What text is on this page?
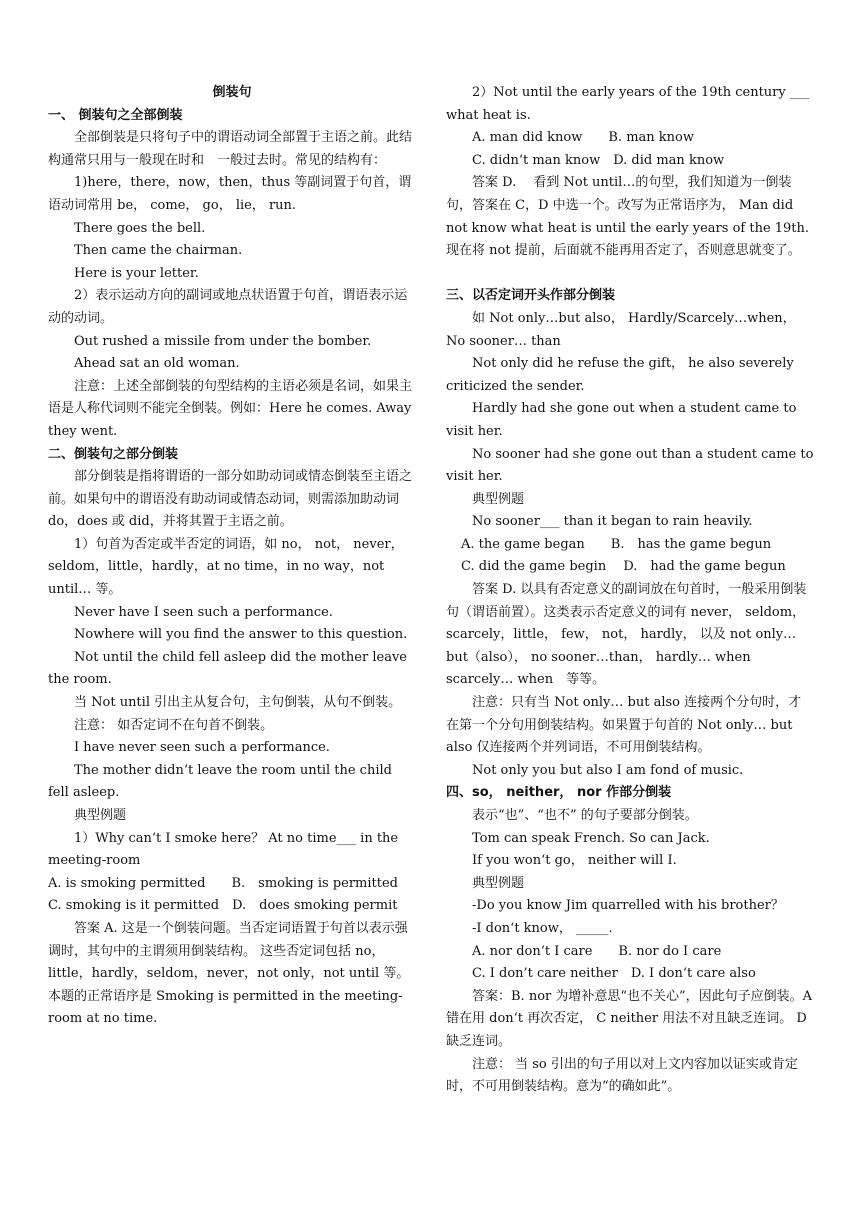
倒装句

一、 倒装句之全部倒装

全部倒装是只将句子中的谓语动词全部置于主语之前。此结构通常只用与一般现在时和　一般过去时。常见的结构有：

1)here，there，now，then，thus 等副词置于句首，谓语动词常用 be， come， go， lie， run.

There goes the bell.

Then came the chairman.

Here is your letter.

2）表示运动方向的副词或地点状语置于句首，谓语表示运动的动词。

Out rushed a missile from under the bomber.

Ahead sat an old woman.

注意：上述全部倒装的句型结构的主语必须是名词，如果主语是人称代词则不能完全倒装。例如：Here he comes. Away they went.

二、倒装句之部分倒装

部分倒装是指将谓语的一部分如助动词或情态倒装至主语之前。如果句中的谓语没有助动词或情态动词，则需添加助动词 do，does 或 did，并将其置于主语之前。

1）句首为否定或半否定的词语，如 no， not， never，seldom，little，hardly，at no time，in no way，not until… 等。

Never have I seen such a performance.

Nowhere will you find the answer to this question.

Not until the child fell asleep did the mother leave the room.

当 Not until 引出主从复合句，主句倒装，从句不倒装。

注意： 如否定词不在句首不倒装。

I have never seen such a performance.

The mother didn‘t leave the room until the child fell asleep.

典型例题

1）Why can‘t I smoke here？ At no time___ in the meeting-room

A. is smoking permitted　　B.　smoking is permitted

C. smoking is it permitted　D.　does smoking permit

答案 A. 这是一个倒装问题。当否定词语置于句首以表示强调时，其句中的主谓须用倒装结构。 这些否定词包括 no，little，hardly，seldom，never，not only，not until 等。本题的正常语序是 Smoking is permitted in the meeting-room at no time.

2）Not until the early years of the 19th century ___ what heat is.

A. man did know　　B. man know

C. didn‘t man know　D. did man know

答案 D.　 看到 Not until…的句型，我们知道为一倒装句，答案在 C，D 中选一个。改写为正常语序为， Man did not know what heat is until the early years of the 19th. 现在将 not 提前，后面就不能再用否定了，否则意思就变了。

三、以否定词开头作部分倒装

如 Not only…but also， Hardly/Scarcely…when， No sooner… than

Not only did he refuse the gift， he also severely criticized the sender.

Hardly had she gone out when a student came to visit her.

No sooner had she gone out than a student came to visit her.

典型例题

No sooner___ than it began to rain heavily.

A. the game began　　B.　has the game begun

C. did the game begin　 D.　had the game begun

答案 D. 以具有否定意义的副词放在句首时，一般采用倒装句（谓语前置）。这类表示否定意义的词有 never， seldom， scarcely，little， few， not， hardly， 以及 not only…but（also）， no sooner…than， hardly… when scarcely… when　等等。

注意：只有当 Not only… but also 连接两个分句时，才在第一个分句用倒装结构。如果置于句首的 Not only… but also 仅连接两个并列词语，不可用倒装结构。

Not only you but also I am fond of music.

四、so， neither， nor 作部分倒装

表示“也”、“也不” 的句子要部分倒装。

Tom can speak French. So can Jack.

If you won‘t go， neither will I.

典型例题

-Do you know Jim quarrelled with his brother？

-I don‘t know， _____.

A. nor don‘t I care　　B. nor do I care

C. I don’t care neither　D. I don‘t care also

答案：B. nor 为增补意思“也不关心”，因此句子应倒装。A 错在用 don‘t 再次否定， C neither 用法不对且缺乏连词。 D 缺乏连词。

注意： 当 so 引出的句子用以对上文内容加以证实或肯定时，不可用倒装结构。意为“的确如此”。
